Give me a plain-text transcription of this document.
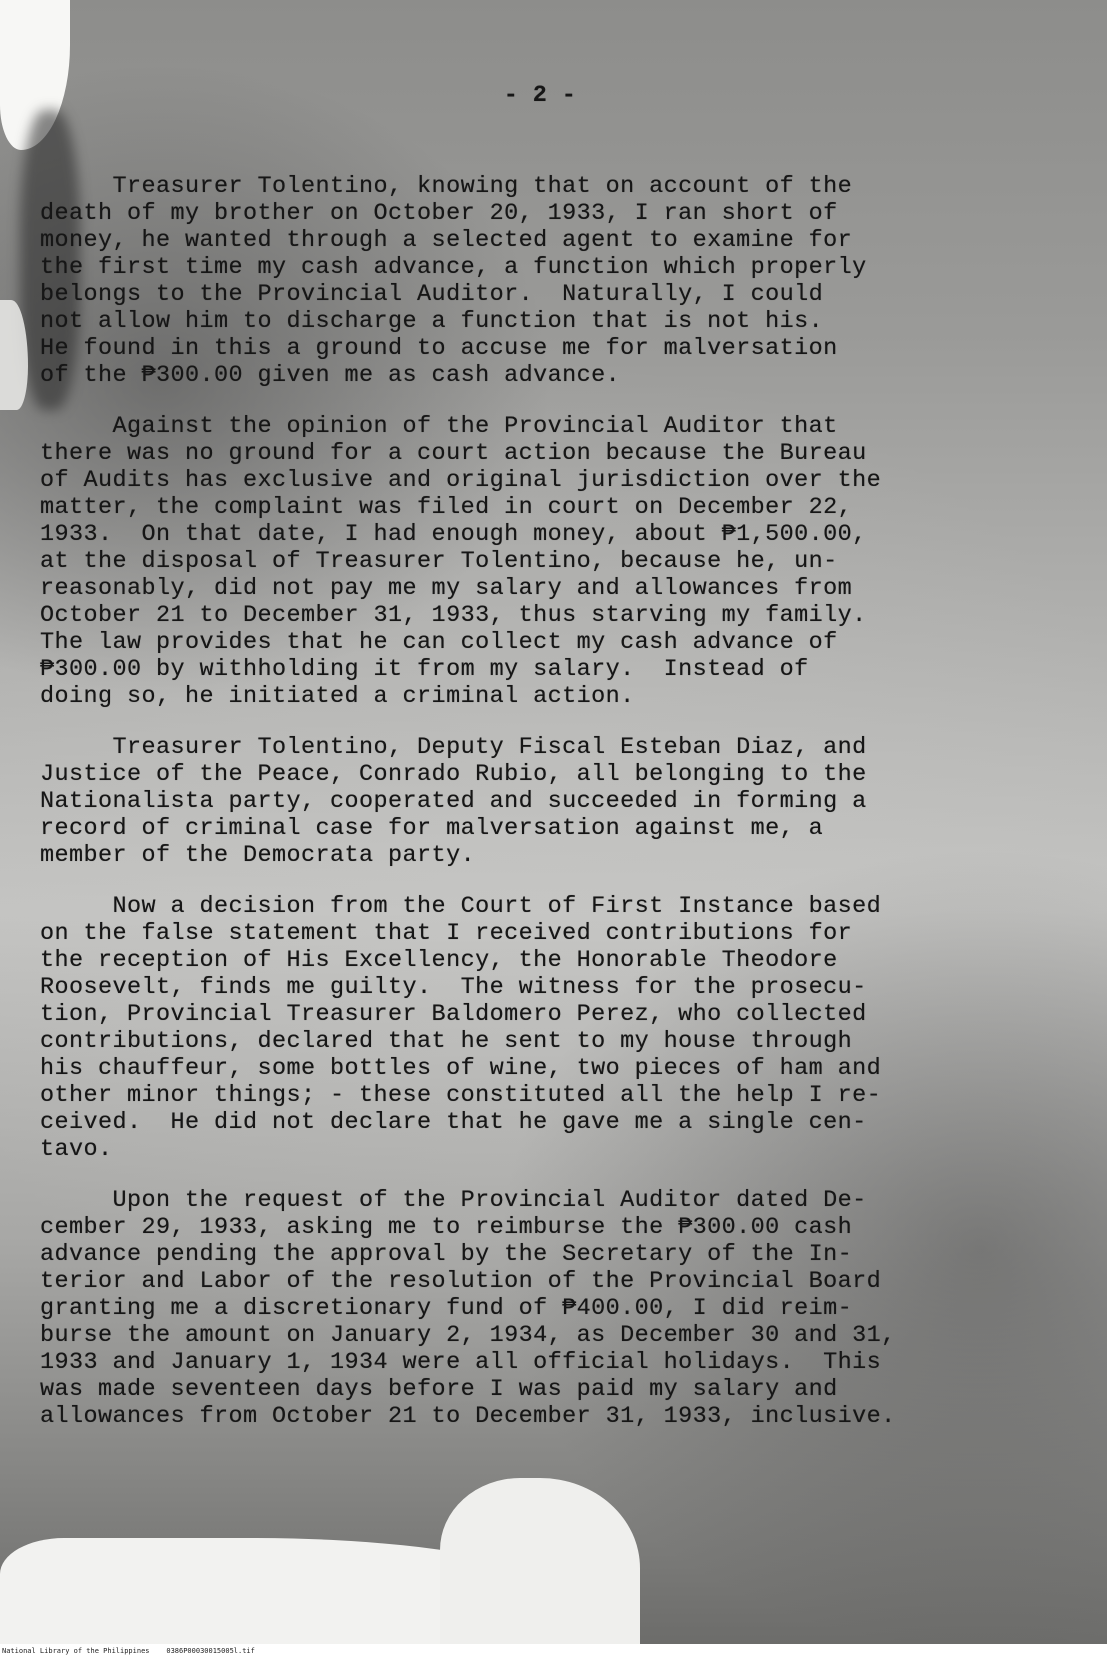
- 2 -
Treasurer Tolentino, knowing that on account of the
death of my brother on October 20, 1933, I ran short of
money, he wanted through a selected agent to examine for
the first time my cash advance, a function which properly
belongs to the Provincial Auditor.  Naturally, I could
not allow him to discharge a function that is not his.
He found in this a ground to accuse me for malversation
of the ₱300.00 given me as cash advance.
Against the opinion of the Provincial Auditor that
there was no ground for a court action because the Bureau
of Audits has exclusive and original jurisdiction over the
matter, the complaint was filed in court on December 22,
1933.  On that date, I had enough money, about ₱1,500.00,
at the disposal of Treasurer Tolentino, because he, un-
reasonably, did not pay me my salary and allowances from
October 21 to December 31, 1933, thus starving my family.
The law provides that he can collect my cash advance of
₱300.00 by withholding it from my salary.  Instead of
doing so, he initiated a criminal action.
Treasurer Tolentino, Deputy Fiscal Esteban Diaz, and
Justice of the Peace, Conrado Rubio, all belonging to the
Nationalista party, cooperated and succeeded in forming a
record of criminal case for malversation against me, a
member of the Democrata party.
Now a decision from the Court of First Instance based
on the false statement that I received contributions for
the reception of His Excellency, the Honorable Theodore
Roosevelt, finds me guilty.  The witness for the prosecu-
tion, Provincial Treasurer Baldomero Perez, who collected
contributions, declared that he sent to my house through
his chauffeur, some bottles of wine, two pieces of ham and
other minor things; - these constituted all the help I re-
ceived.  He did not declare that he gave me a single cen-
tavo.
Upon the request of the Provincial Auditor dated De-
cember 29, 1933, asking me to reimburse the ₱300.00 cash
advance pending the approval by the Secretary of the In-
terior and Labor of the resolution of the Provincial Board
granting me a discretionary fund of ₱400.00, I did reim-
burse the amount on January 2, 1934, as December 30 and 31,
1933 and January 1, 1934 were all official holidays.  This
was made seventeen days before I was paid my salary and
allowances from October 21 to December 31, 1933, inclusive.
National Library of the Philippines    0386P00030015005l.tif
